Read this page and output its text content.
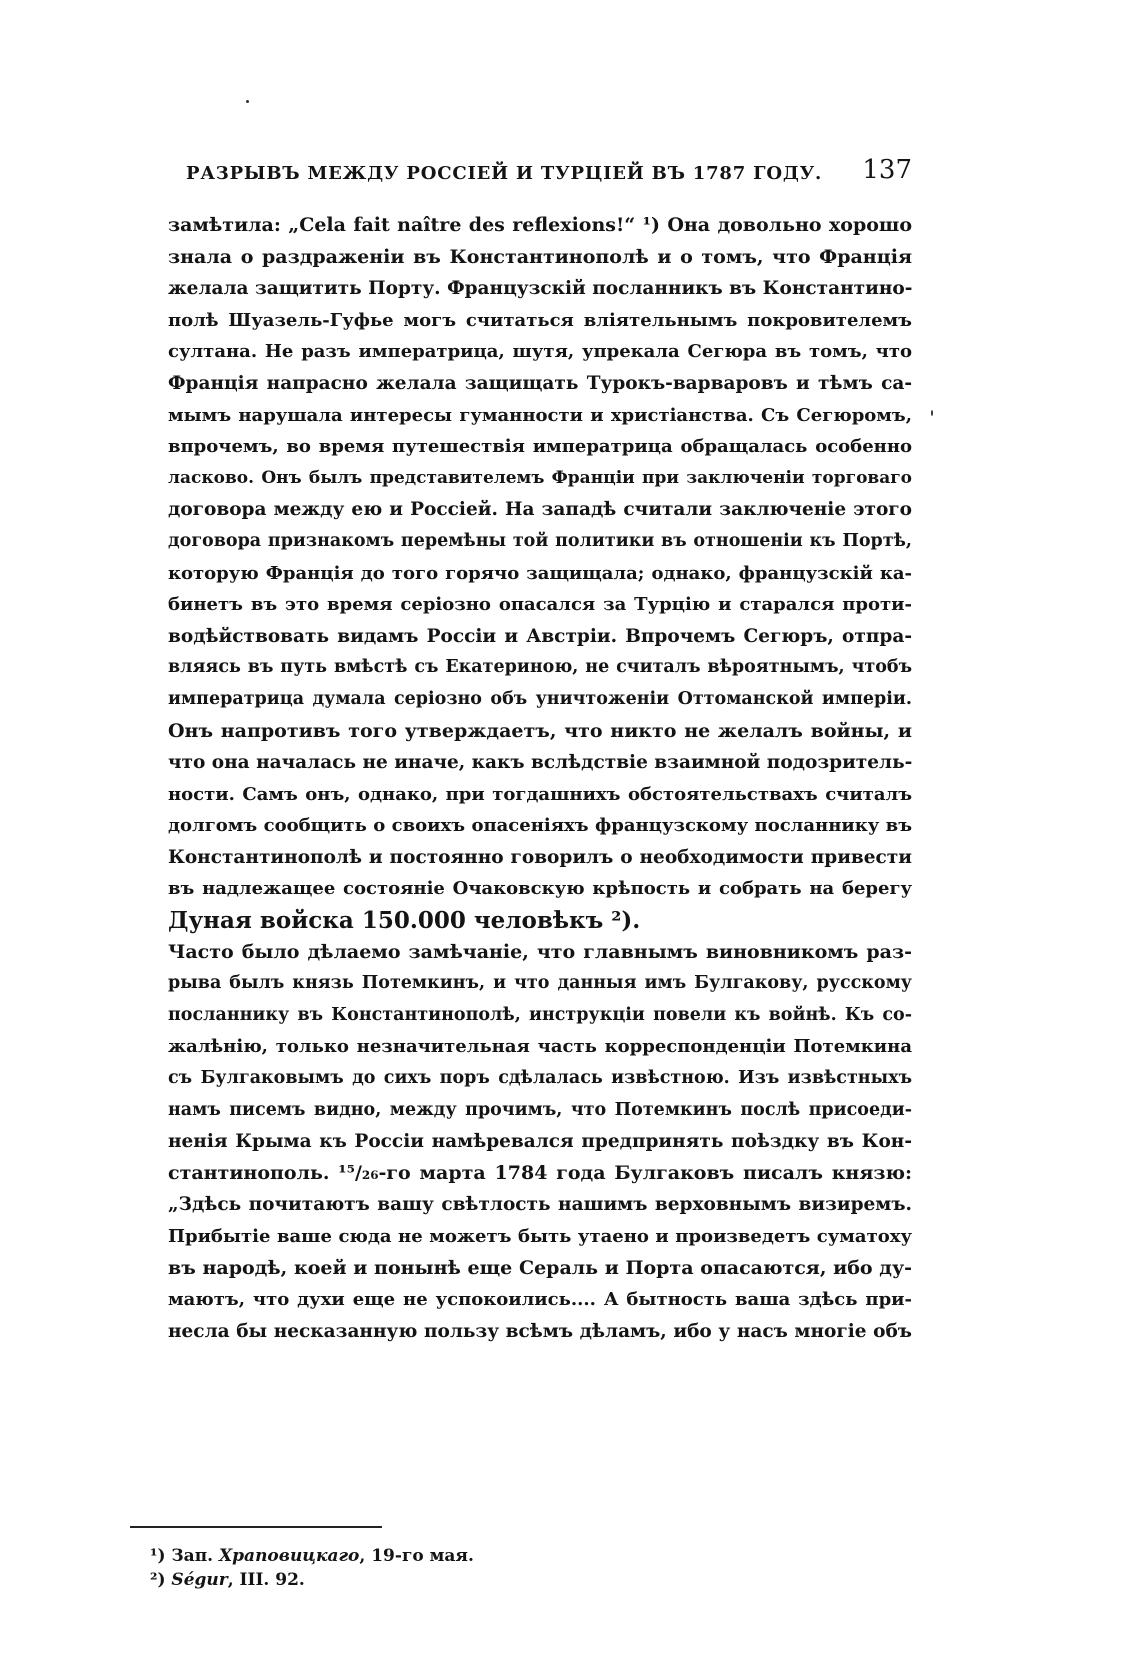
РАЗРЫВЪ МЕЖДУ РОССІЕЙ И ТУРЦІЕЙ ВЪ 1787 ГОДУ. 137
замѣтила: „Cela fait naître des reflexions!“ ¹) Она довольно хорошо
знала о раздраженіи въ Константинополѣ и о томъ, что Франція
желала защитить Порту. Французскій посланникъ въ Константино-
полѣ Шуазель-Гуфье могъ считаться вліятельнымъ покровителемъ
султана. Не разъ императрица, шутя, упрекала Сегюра въ томъ, что
Франція напрасно желала защищать Турокъ-варваровъ и тѣмъ са-
мымъ нарушала интересы гуманности и христіанства. Съ Сегюромъ,
впрочемъ, во время путешествія императрица обращалась особенно
ласково. Онъ былъ представителемъ Франціи при заключеніи торговаго
договора между ею и Россіей. На западѣ считали заключеніе этого
договора признакомъ перемѣны той политики въ отношеніи къ Портѣ,
которую Франція до того горячо защищала; однако, французскій ка-
бинетъ въ это время серіозно опасался за Турцію и старался проти-
водѣйствовать видамъ Россіи и Австріи. Впрочемъ Сегюръ, отпра-
вляясь въ путь вмѣстѣ съ Екатериною, не считалъ вѣроятнымъ, чтобъ
императрица думала серіозно объ уничтоженіи Оттоманской имперіи.
Онъ напротивъ того утверждаетъ, что никто не желалъ войны, и
что она началась не иначе, какъ вслѣдствіе взаимной подозритель-
ности. Самъ онъ, однако, при тогдашнихъ обстоятельствахъ считалъ
долгомъ сообщить о своихъ опасеніяхъ французскому посланнику въ
Константинополѣ и постоянно говорилъ о необходимости привести
въ надлежащее состояніе Очаковскую крѣпость и собрать на берегу
Дуная войска 150.000 человѣкъ ²).
Часто было дѣлаемо замѣчаніе, что главнымъ виновникомъ раз-
рыва былъ князь Потемкинъ, и что данныя имъ Булгакову, русскому
посланнику въ Константинополѣ, инструкціи повели къ войнѣ. Къ со-
жалѣнію, только незначительная часть корреспонденціи Потемкина
съ Булгаковымъ до сихъ поръ сдѣлалась извѣстною. Изъ извѣстныхъ
намъ писемъ видно, между прочимъ, что Потемкинъ послѣ присоеди-
ненія Крыма къ Россіи намѣревался предпринять поѣздку въ Кон-
стантинополь. ¹⁵/₂₆-го марта 1784 года Булгаковъ писалъ князю:
„Здѣсь почитаютъ вашу свѣтлость нашимъ верховнымъ визиремъ.
Прибытіе ваше сюда не можетъ быть утаено и произведетъ суматоху
въ народѣ, коей и понынѣ еще Сераль и Порта опасаются, ибо ду-
маютъ, что духи еще не успокоились.... А бытность ваша здѣсь при-
несла бы несказанную пользу всѣмъ дѣламъ, ибо у насъ многіе объ
¹) Зап. Храповицкаго, 19-го мая.
²) Ségur, III. 92.
